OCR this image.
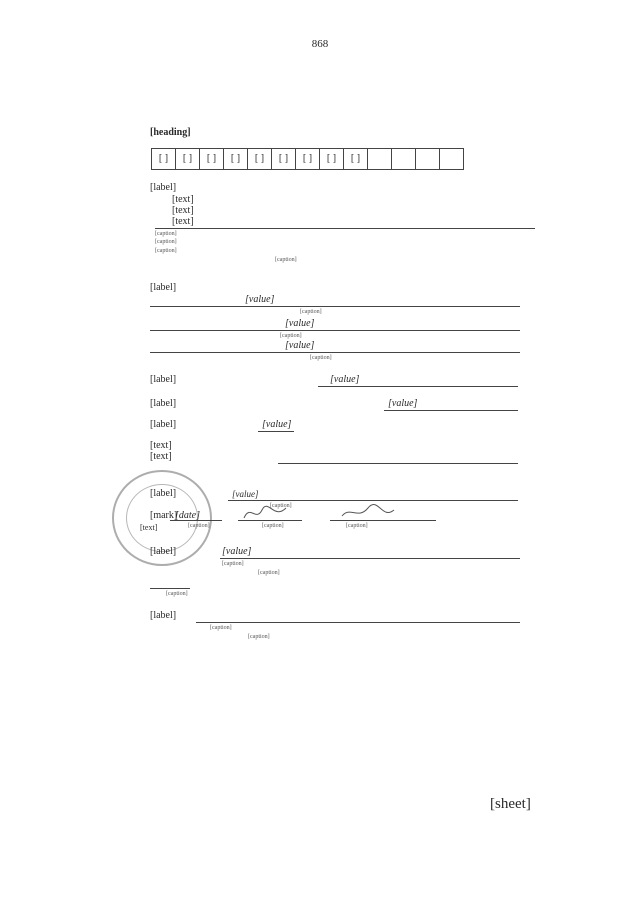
868
[heading]
[ ]	[ ]	[ ]	[ ]	[ ]	[ ]	[ ]	[ ]	[ ]
[label]
[text]
[text]
[text]
[caption]
[caption]
[caption]
[caption]
[label]
[value]
[caption]
[value]
[caption]
[value]
[caption]
[label]	[value]
[label]	[value]
[label]	[value]
[text]
[text]
[label]	[value]
[caption]
[mark]
[date]
[text]	[caption]	[caption]	[caption]
[label]	[value]
[caption]
[caption]
[caption]
[label]
[caption]
[caption]
[sheet]
